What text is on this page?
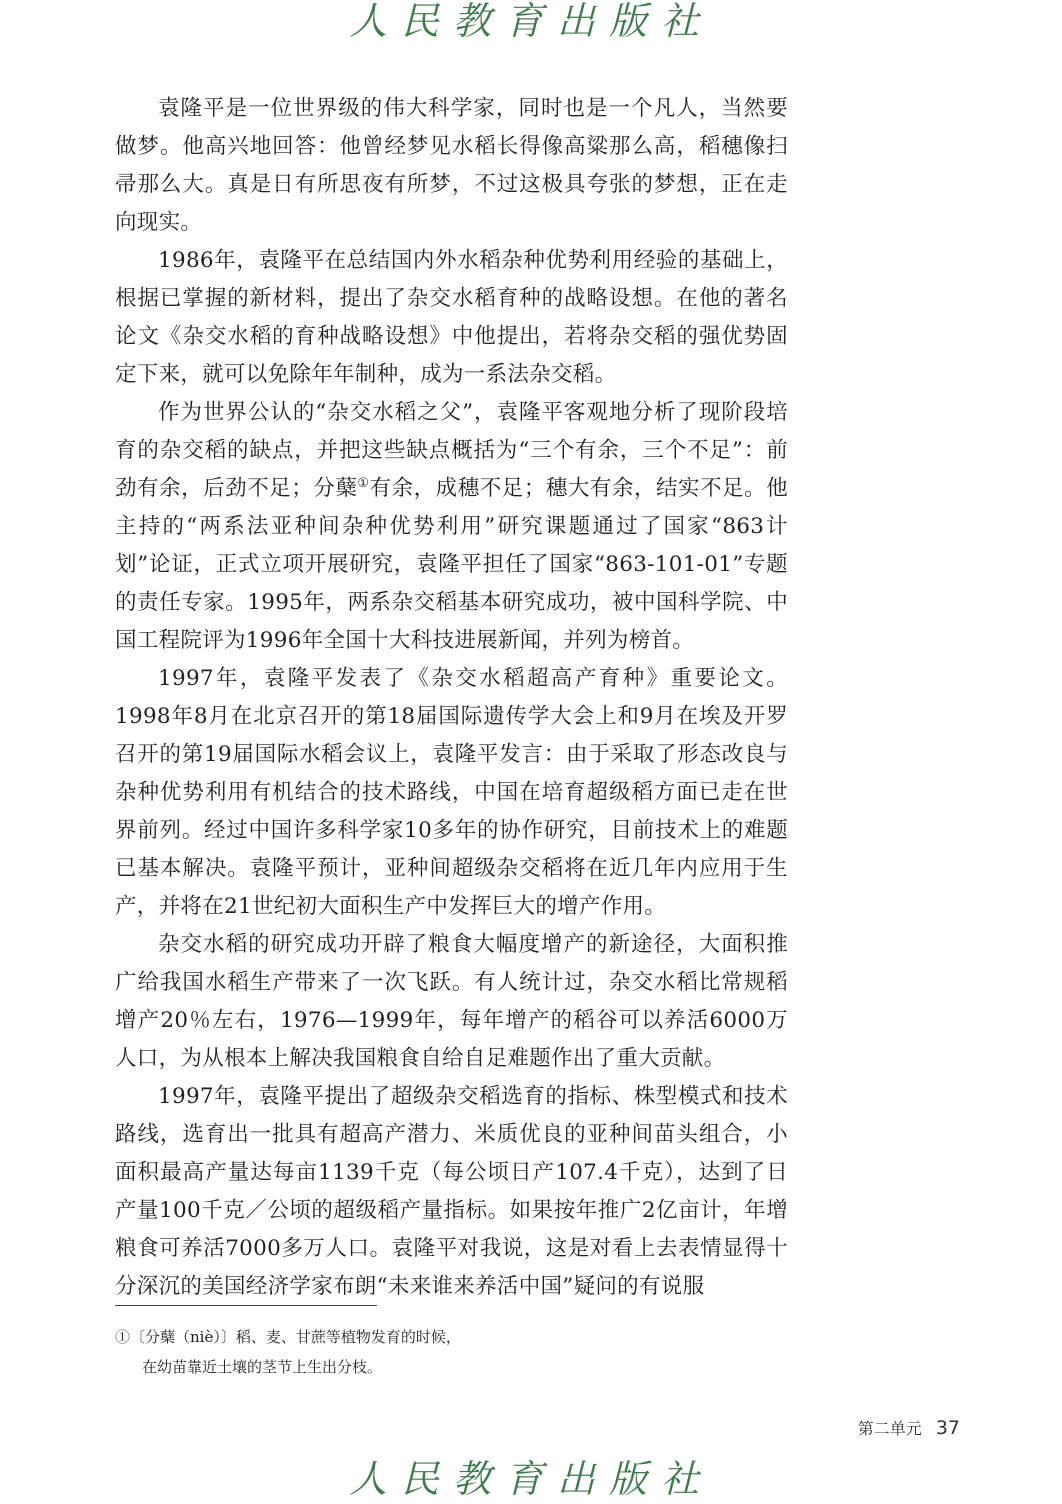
人民教育出版社

袁隆平是一位世界级的伟大科学家，同时也是一个凡人，当然要做梦。他高兴地回答：他曾经梦见水稻长得像高粱那么高，稻穗像扫帚那么大。真是日有所思夜有所梦，不过这极具夸张的梦想，正在走向现实。

1986年，袁隆平在总结国内外水稻杂种优势利用经验的基础上，根据已掌握的新材料，提出了杂交水稻育种的战略设想。在他的著名论文《杂交水稻的育种战略设想》中他提出，若将杂交稻的强优势固定下来，就可以免除年年制种，成为一系法杂交稻。

作为世界公认的“杂交水稻之父”，袁隆平客观地分析了现阶段培育的杂交稻的缺点，并把这些缺点概括为“三个有余，三个不足”：前劲有余，后劲不足；分蘖①有余，成穗不足；穗大有余，结实不足。他主持的“两系法亚种间杂种优势利用”研究课题通过了国家“863计划”论证，正式立项开展研究，袁隆平担任了国家“863-101-01”专题的责任专家。1995年，两系杂交稻基本研究成功，被中国科学院、中国工程院评为1996年全国十大科技进展新闻，并列为榜首。

1997年，袁隆平发表了《杂交水稻超高产育种》重要论文。1998年8月在北京召开的第18届国际遗传学大会上和9月在埃及开罗召开的第19届国际水稻会议上，袁隆平发言：由于采取了形态改良与杂种优势利用有机结合的技术路线，中国在培育超级稻方面已走在世界前列。经过中国许多科学家10多年的协作研究，目前技术上的难题已基本解决。袁隆平预计，亚种间超级杂交稻将在近几年内应用于生产，并将在21世纪初大面积生产中发挥巨大的增产作用。

杂交水稻的研究成功开辟了粮食大幅度增产的新途径，大面积推广给我国水稻生产带来了一次飞跃。有人统计过，杂交水稻比常规稻增产20％左右，1976—1999年，每年增产的稻谷可以养活6000万人口，为从根本上解决我国粮食自给自足难题作出了重大贡献。

1997年，袁隆平提出了超级杂交稻选育的指标、株型模式和技术路线，选育出一批具有超高产潜力、米质优良的亚种间苗头组合，小面积最高产量达每亩1139千克（每公顷日产107.4千克），达到了日产量100千克／公顷的超级稻产量指标。如果按年推广2亿亩计，年增粮食可养活7000多万人口。袁隆平对我说，这是对看上去表情显得十分深沉的美国经济学家布朗“未来谁来养活中国”疑问的有说服

①〔分蘖（niè）〕稻、麦、甘蔗等植物发育的时候，
在幼苗靠近土壤的茎节上生出分枝。
第二单元 37
人民教育出版社
